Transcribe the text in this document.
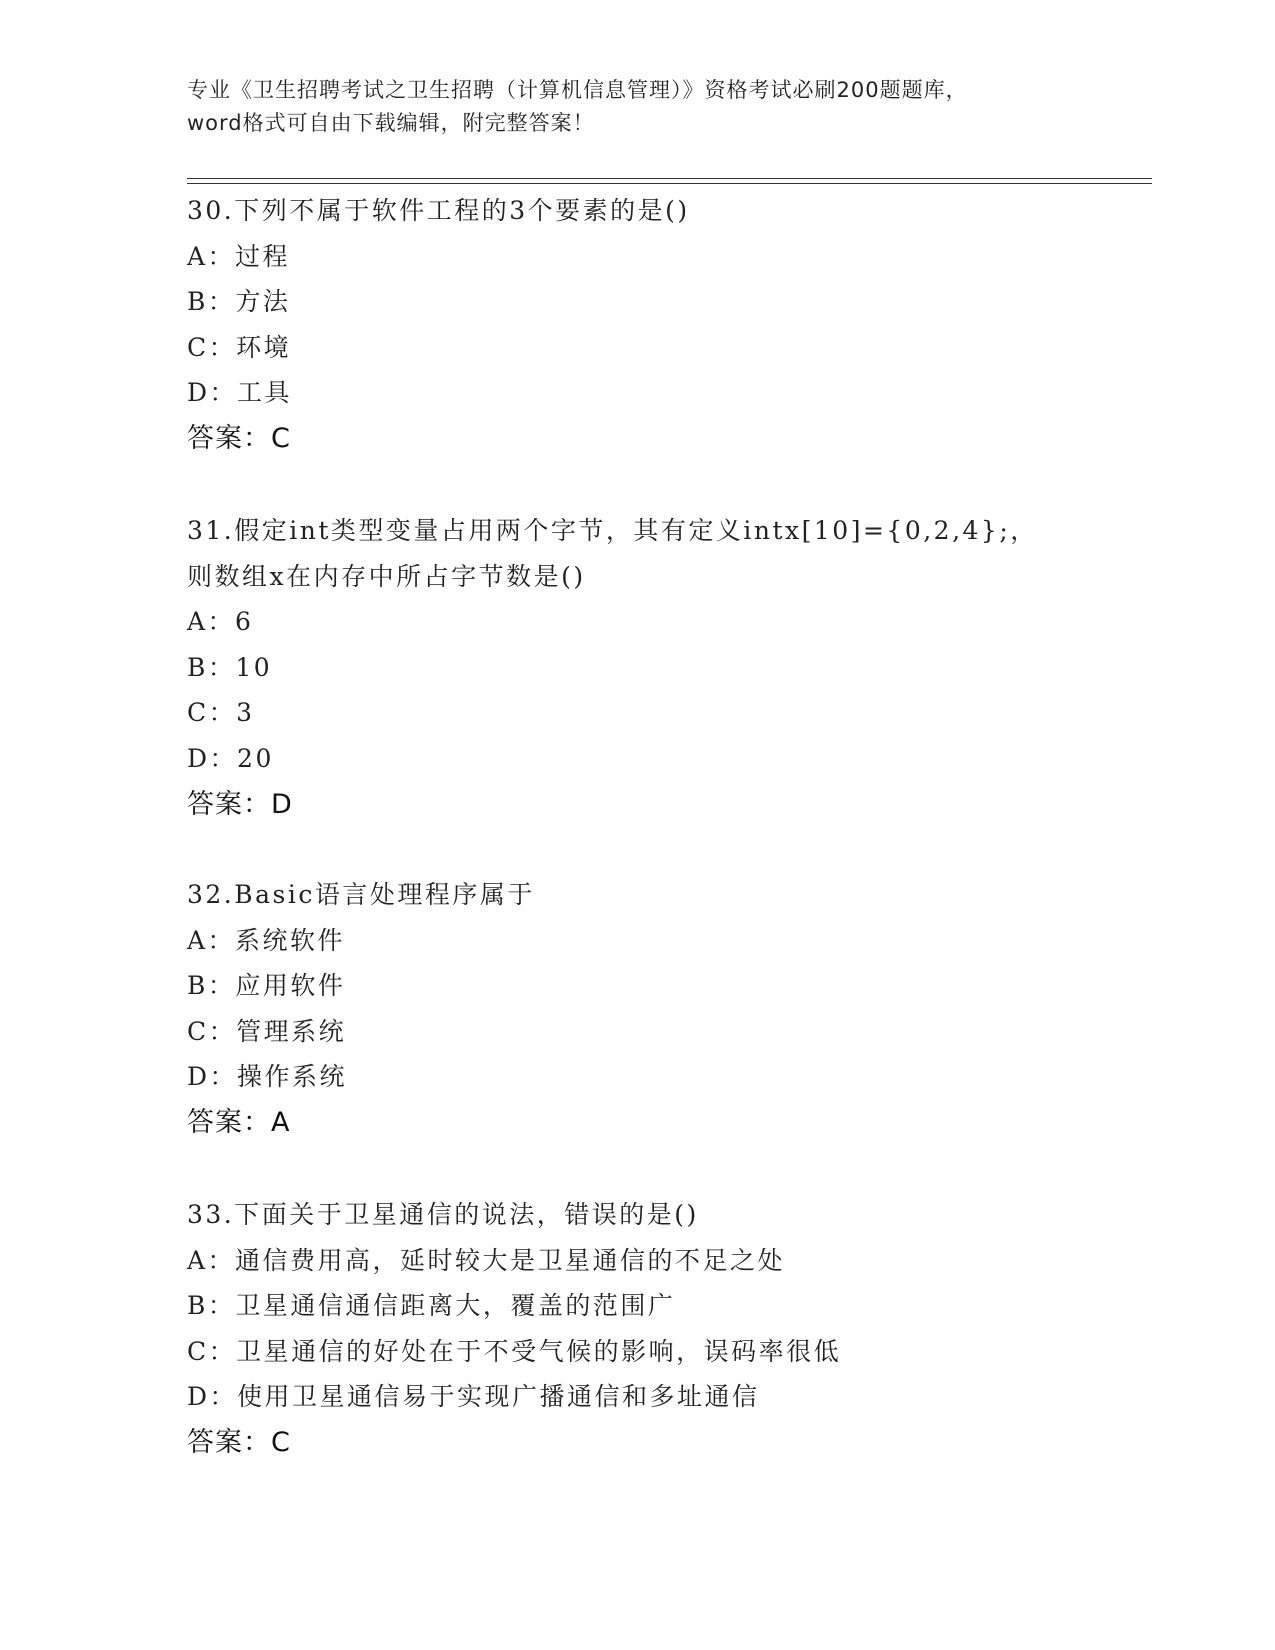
专业《卫生招聘考试之卫生招聘（计算机信息管理）》资格考试必刷200题题库，

word格式可自由下载编辑，附完整答案！

30.下列不属于软件工程的3个要素的是()

A：过程

B：方法

C：环境

D：工具

答案：C

31.假定int类型变量占用两个字节，其有定义intx[10]={0,2,4};，

则数组x在内存中所占字节数是()

A：6

B：10

C：3

D：20

答案：D

32.Basic语言处理程序属于

A：系统软件

B：应用软件

C：管理系统

D：操作系统

答案：A

33.下面关于卫星通信的说法，错误的是()

A：通信费用高，延时较大是卫星通信的不足之处

B：卫星通信通信距离大，覆盖的范围广

C：卫星通信的好处在于不受气候的影响，误码率很低

D：使用卫星通信易于实现广播通信和多址通信

答案：C
